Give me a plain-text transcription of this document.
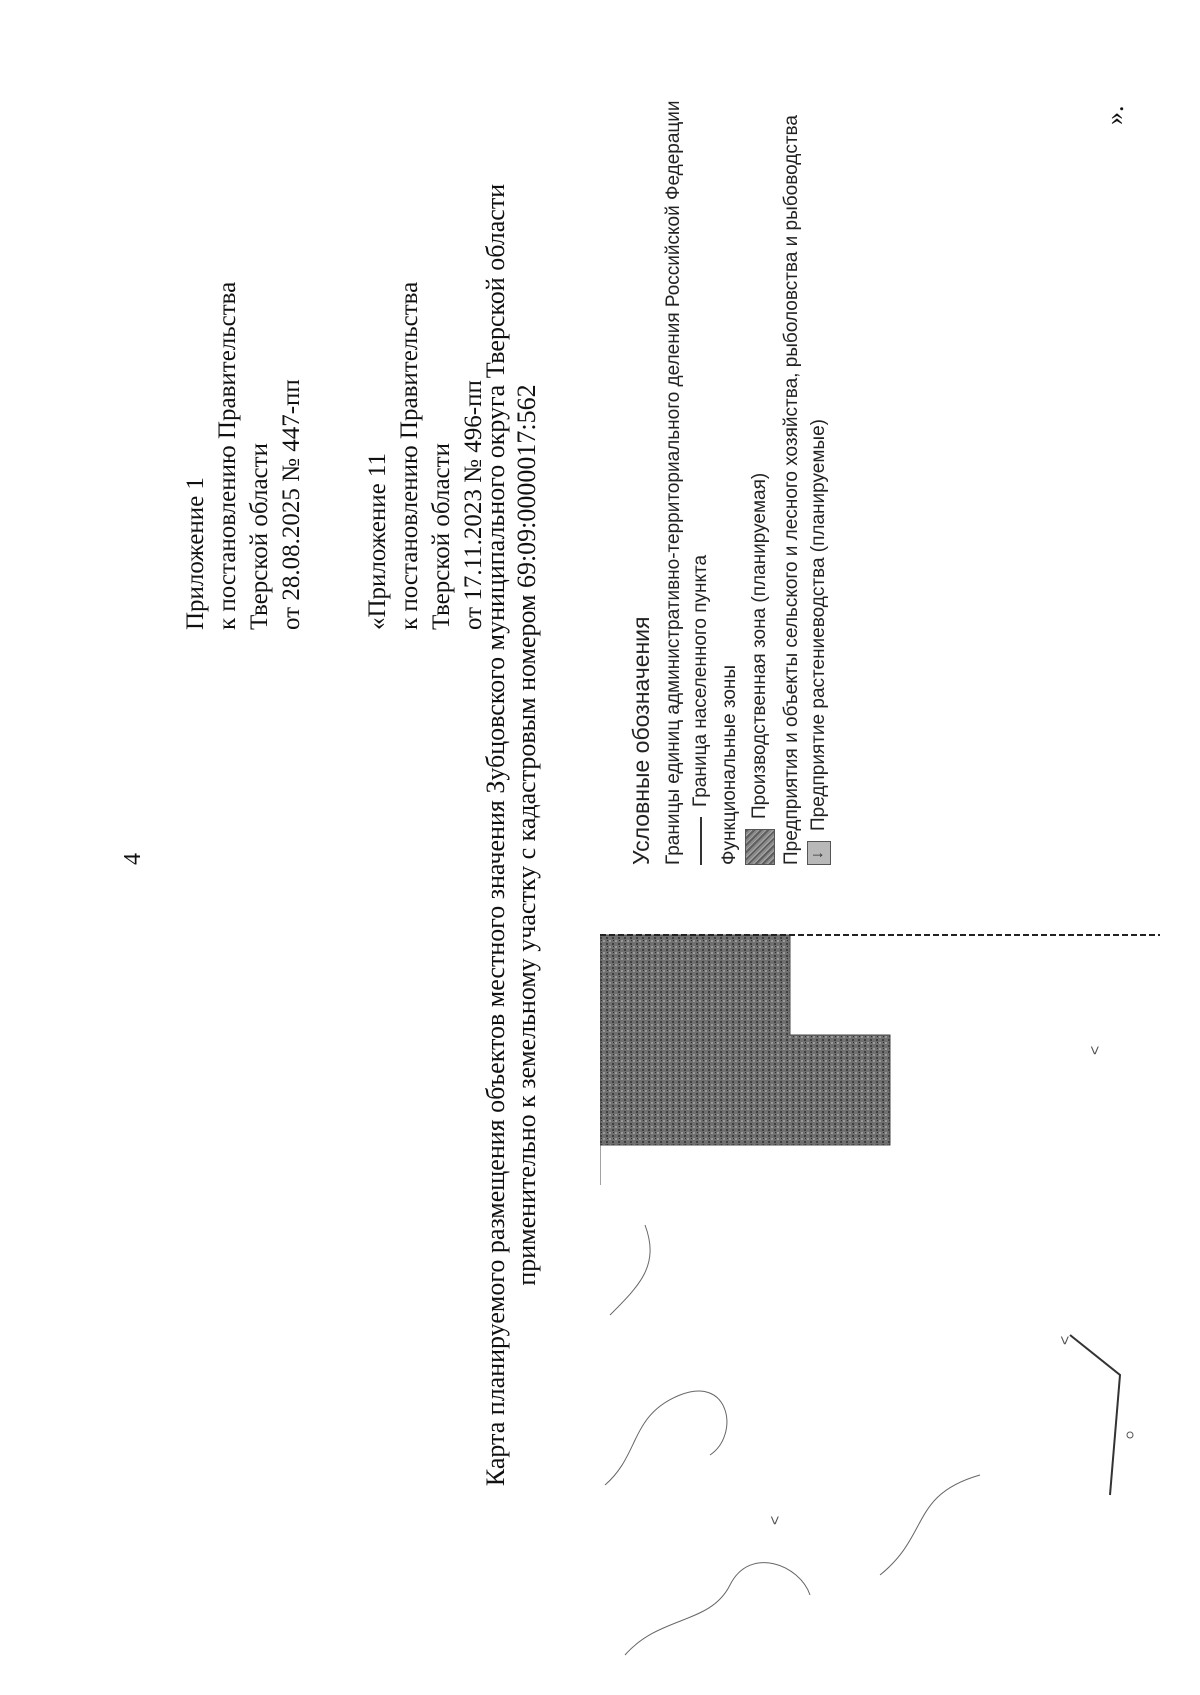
4
Приложение 1 к постановлению Правительства Тверской области от 28.08.2025 № 447-пп «Приложение 11 к постановлению Правительства Тверской области от 17.11.2023 № 496-пп
Карта планируемого размещения объектов местного значения Зубцовского муниципального округа Тверской области применительно к земельному участку с кадастровым номером 69:09:0000017:562
<
<
<
Условные обозначения Границы единиц административно-территориального деления Российской Федерации Граница населенного пункта Функциональные зоны Производственная зона (планируемая) Предприятия и объекты сельского и лесного хозяйства, рыболовства и рыбоводства
↓ Предприятие растениеводства (планируемые)
».
